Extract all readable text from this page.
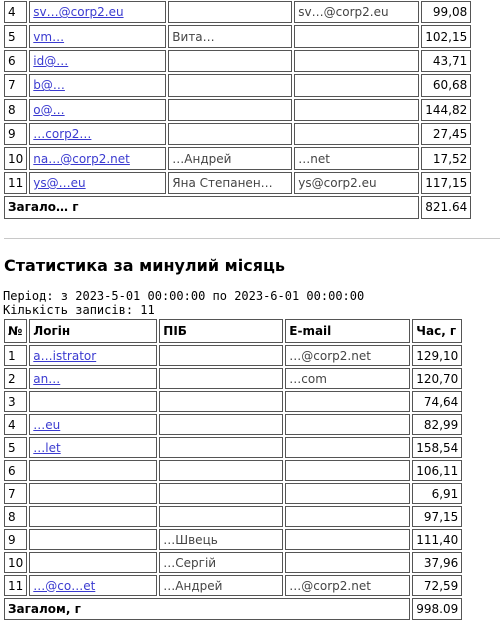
4	sv…@corp2.eu		sv…@corp2.eu	99,08
5	vm…	Вита…		102,15
6	id@…			43,71
7	b@…			60,68
8	o@…			144,82
9	…corp2…			27,45
10	na…@corp2.net	…Андрей	…net	17,52
11	ys@…eu	Яна Степанен…	ys@corp2.eu	117,15
Загало… г				821.64
Статистика за минулий місяць
Період: з 2023-5-01 00:00:00 по 2023-6-01 00:00:00
Кількість записів: 11
№	Логін	ПІБ	E-mail	Час, г
1	a…istrator		…@corp2.net	129,10
2	an…		…com	120,70
3				74,64
4	…eu			82,99
5	…let			158,54
6				106,11
7				6,91
8				97,15
9		…Швець		111,40
10		…Сергій		37,96
11	…@co…et	…Андрей	…@corp2.net	72,59
Загалом, г				998.09
